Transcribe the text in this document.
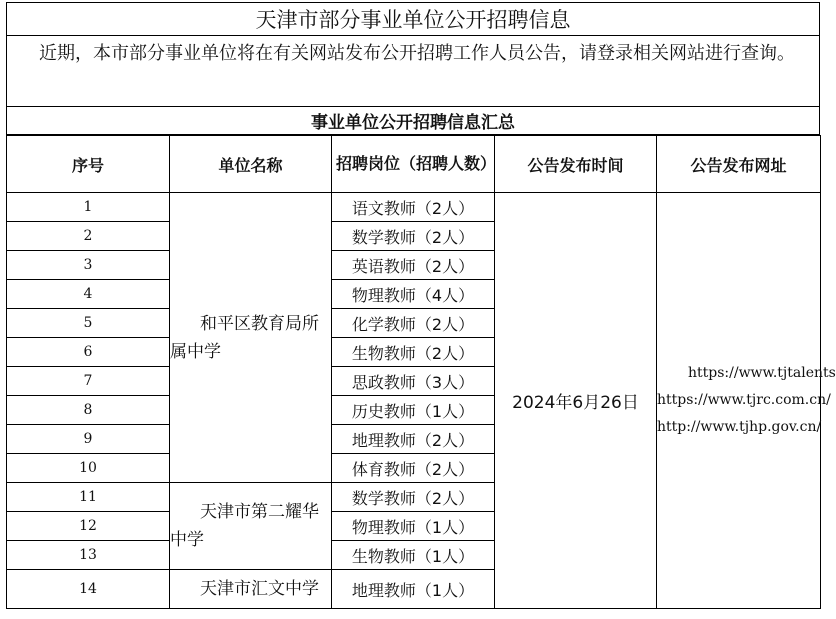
天津市部分事业单位公开招聘信息
近期，本市部分事业单位将在有关网站发布公开招聘工作人员公告，请登录相关网站进行查询。
事业单位公开招聘信息汇总
序号	单位名称	招聘岗位（招聘人数）	公告发布时间	公告发布网址
1	和平区教育局所属中学	语文教师（2人）	2024年6月26日	https://www.tjtalents
https://www.tjrc.com.cn/
http://www.tjhp.gov.cn/

2		数学教师（2人）		
3		英语教师（2人）		
4		物理教师（4人）		
5		化学教师（2人）		
6		生物教师（2人）		
7		思政教师（3人）		
8		历史教师（1人）		
9		地理教师（2人）		
10		体育教师（2人）		
11	天津市第二耀华中学	数学教师（2人）		
12		物理教师（1人）		
13		生物教师（1人）		
14	天津市汇文中学	地理教师（1人）		
